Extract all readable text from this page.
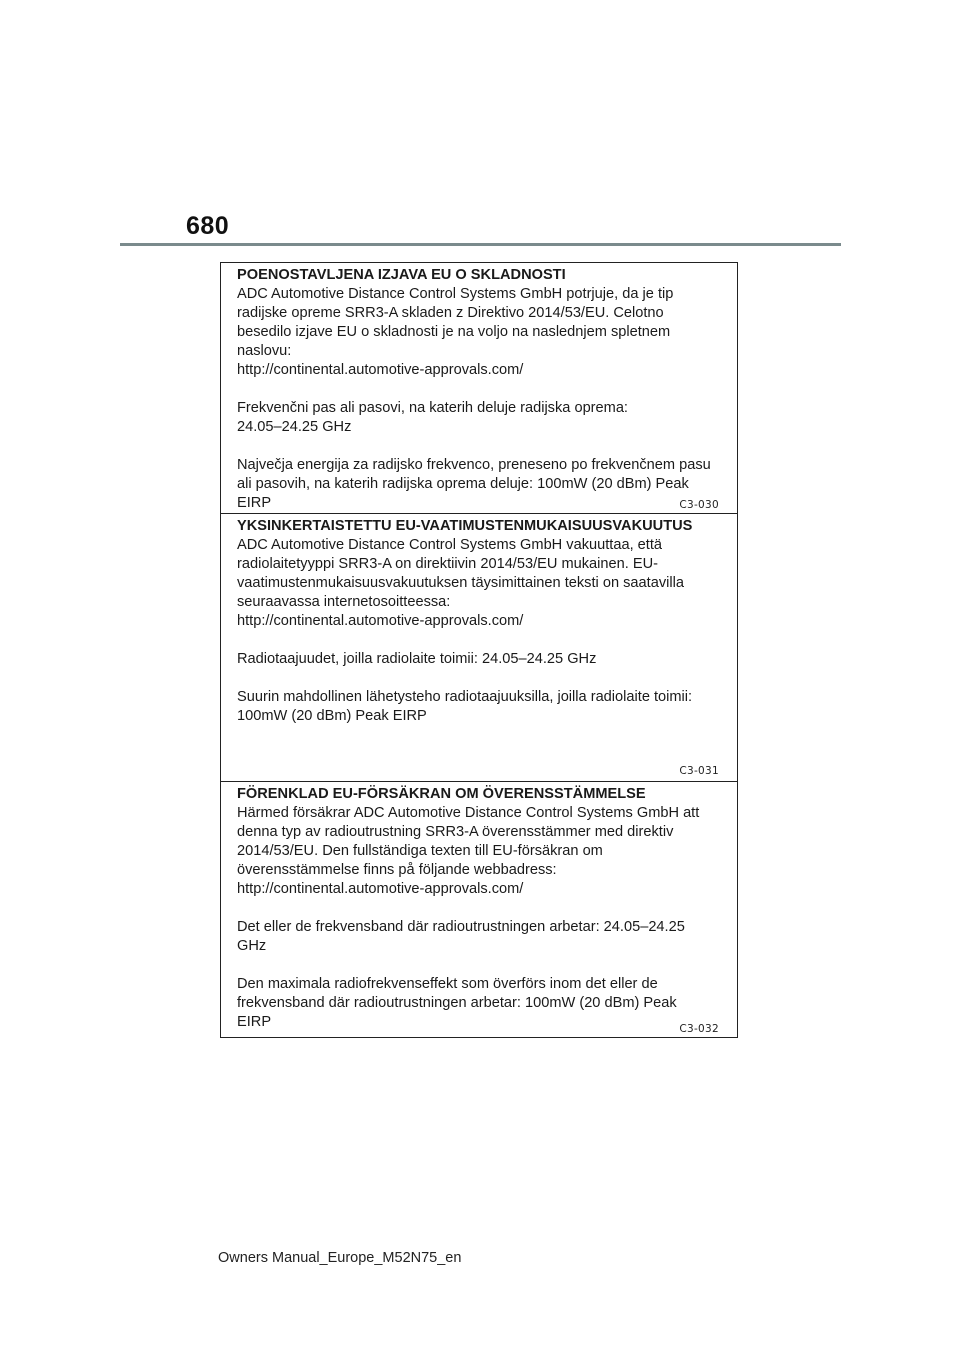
680

POENOSTAVLJENA IZJAVA EU O SKLADNOSTI

ADC Automotive Distance Control Systems GmbH potrjuje, da je tip
radijske opreme SRR3-A skladen z Direktivo 2014/53/EU. Celotno
besedilo izjave EU o skladnosti je na voljo na naslednjem spletnem
naslovu:
http://continental.automotive-approvals.com/

Frekvenčni pas ali pasovi, na katerih deluje radijska oprema:
24.05–24.25 GHz

Največja energija za radijsko frekvenco, preneseno po frekvenčnem pasu
ali pasovih, na katerih radijska oprema deluje: 100mW (20 dBm) Peak
EIRP	C3-030

YKSINKERTAISTETTU EU-VAATIMUSTENMUKAISUUSVAKUUTUS

ADC Automotive Distance Control Systems GmbH vakuuttaa, että
radiolaitetyyppi SRR3-A on direktiivin 2014/53/EU mukainen. EU-
vaatimustenmukaisuusvakuutuksen täysimittainen teksti on saatavilla
seuraavassa internetosoitteessa:
http://continental.automotive-approvals.com/

Radiotaajuudet, joilla radiolaite toimii: 24.05–24.25 GHz

Suurin mahdollinen lähetysteho radiotaajuuksilla, joilla radiolaite toimii:
100mW (20 dBm) Peak EIRP

C3-031

FÖRENKLAD EU-FÖRSÄKRAN OM ÖVERENSSTÄMMELSE

Härmed försäkrar ADC Automotive Distance Control Systems GmbH att
denna typ av radioutrustning SRR3-A överensstämmer med direktiv
2014/53/EU. Den fullständiga texten till EU-försäkran om
överensstämmelse finns på följande webbadress:
http://continental.automotive-approvals.com/

Det eller de frekvensband där radioutrustningen arbetar: 24.05–24.25
GHz

Den maximala radiofrekvenseffekt som överförs inom det eller de
frekvensband där radioutrustningen arbetar: 100mW (20 dBm) Peak
EIRP	C3-032
Owners Manual_Europe_M52N75_en
